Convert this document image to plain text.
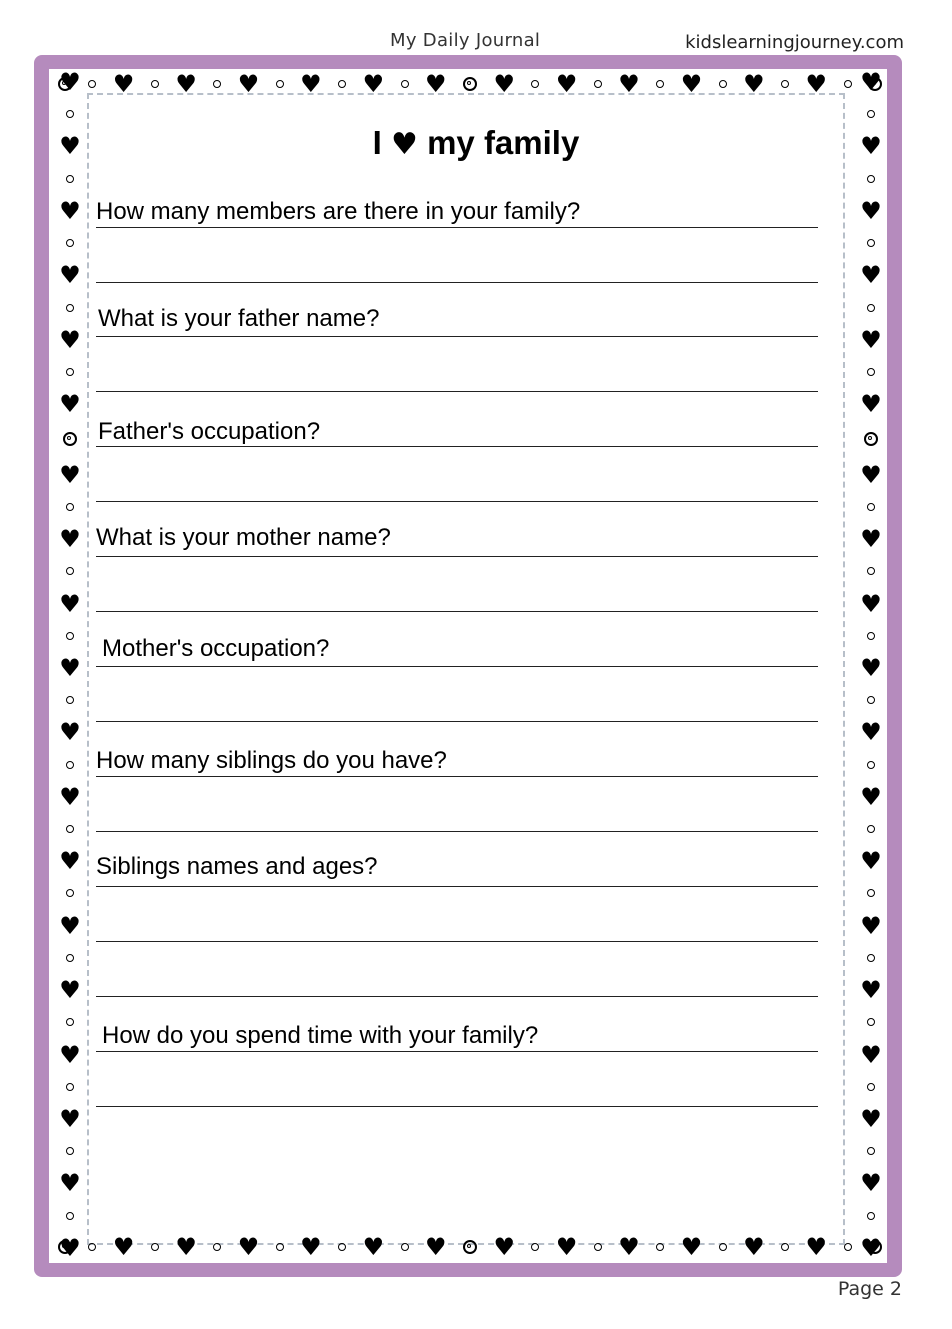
My Daily Journal	kidslearningjourney.com
♥ ♥ ♥ ♥ ♥ ♥ ♥ ♥ ♥ ♥ ♥ ♥
♥ ♥ ♥ ♥ ♥ ♥ ♥ ♥ ♥ ♥ ♥ ♥
♥
♥
♥
♥
♥
♥
♥
♥
♥
♥
♥
♥
♥
♥
♥
♥
♥
♥
♥
♥
♥
♥
♥
♥
♥
♥
♥
♥
♥
♥
♥
♥
♥
♥
♥
♥
♥
♥
I ♥ my family
How many members are there in your family?
What is your father name?
Father's occupation?
What is your mother name?
Mother's occupation?
How many siblings do you have?
Siblings names and ages?
How do you spend time with your family?
Page 2
